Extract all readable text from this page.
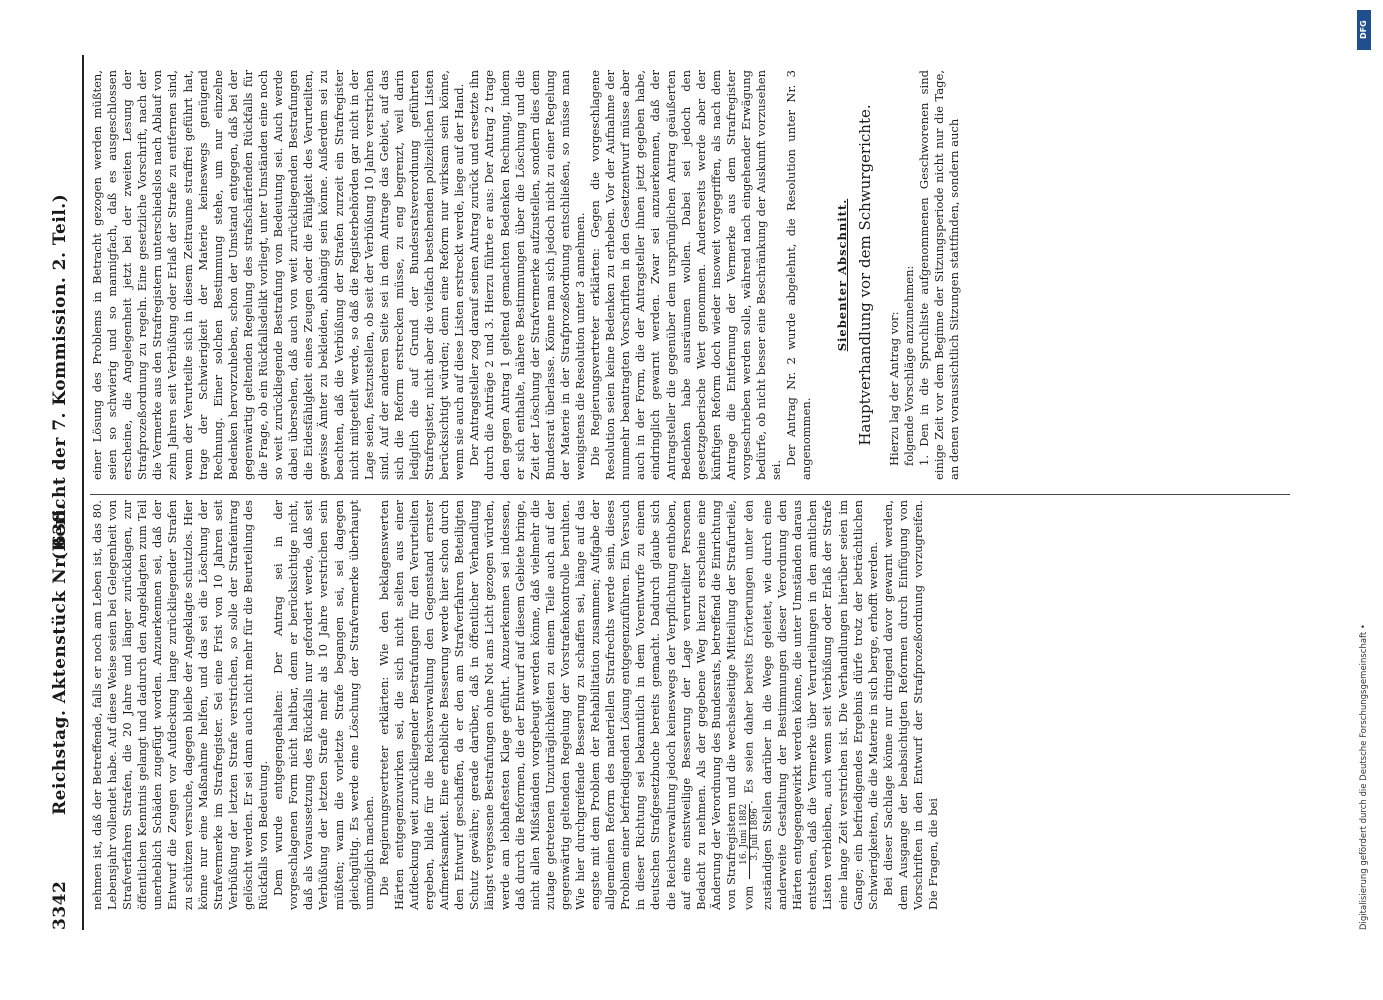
3342
Reichstag. Aktenstück Nr. 638.
(Bericht der 7. Kommission. 2. Teil.)

nehmen ist, daß der Betreffende, falls er noch am Leben ist, das 80. Lebensjahr vollendet habe. Auf diese Weise seien bei Gelegenheit von Strafverfahren Strafen, die 20 Jahre und länger zurücklagen, zur öffentlichen Kenntnis gelangt und dadurch den Angeklagten zum Teil unerheblich Schäden zugefügt worden. Anzuerkennen sei, daß der Entwurf die Zeugen vor Aufdeckung lange zurückliegender Strafen zu schützen versuche, dagegen bleibe der Angeklagte schutzlos. Hier könne nur eine Maßnahme helfen, und das sei die Löschung der Strafvermerke im Strafregister. Sei eine Frist von 10 Jahren seit Verbüßung der letzten Strafe verstrichen, so solle der Strafeintrag gelöscht werden. Er sei dann auch nicht mehr für die Beurteilung des Rückfalls von Bedeutung. Dem wurde entgegengehalten: Der Antrag sei in der vorgeschlagenen Form nicht haltbar, denn er berücksichtige nicht, daß als Voraussetzung des Rückfalls nur gefordert werde, daß seit Verbüßung der letzten Strafe mehr als 10 Jahre verstrichen sein müßten; wann die vorletzte Strafe begangen sei, sei dagegen gleichgültig. Es werde eine Löschung der Strafvermerke überhaupt unmöglich machen. Die Regierungsvertreter erklärten: Wie den beklagenswerten Härten entgegenzuwirken sei, die sich nicht selten aus einer Aufdeckung weit zurückliegender Bestrafungen für den Verurteilten ergeben, bilde für die Reichsverwaltung den Gegenstand ernster Aufmerksamkeit. Eine erhebliche Besserung werde hier schon durch den Entwurf geschaffen, da er den am Strafverfahren Beteiligten Schutz gewähre; gerade darüber, daß in öffentlicher Verhandlung längst vergessene Bestrafungen ohne Not ans Licht gezogen würden, werde am lebhaftesten Klage geführt. Anzuerkennen sei indessen, daß durch die Reformen, die der Entwurf auf diesem Gebiete bringe, nicht allen Mißständen vorgebeugt werden könne, daß vielmehr die zutage getretenen Unzuträglichkeiten zu einem Teile auch auf der gegenwärtig geltenden Regelung der Vorstrafenkontrolle beruhten. Wie hier durchgreifende Besserung zu schaffen sei, hänge auf das engste mit dem Problem der Rehabilitation zusammen; Aufgabe der allgemeinen Reform des materiellen Strafrechts werde sein, dieses Problem einer befriedigenden Lösung entgegenzuführen. Ein Versuch in dieser Richtung sei bekanntlich in dem Vorentwurfe zu einem deutschen Strafgesetzbuche bereits gemacht. Dadurch glaube sich die Reichsverwaltung jedoch keineswegs der Verpflichtung enthoben, auf eine einstweilige Besserung der Lage verurteilter Personen Bedacht zu nehmen. Als der gegebene Weg hierzu erscheine eine Änderung der Verordnung des Bundesrats, betreffend die Einrichtung von Strafregistern und die wechselseitige Mitteilung der Strafurteile, vom
16. Juni 1882 3. Juli 1896
. Es seien daher bereits Erörterungen unter den zuständigen Stellen darüber in die Wege geleitet, wie durch eine anderweite Gestaltung der Bestimmungen dieser Verordnung den Härten entgegengewirkt werden könne, die unter Umständen daraus entstehen, daß die Vermerke über Verurteilungen in den amtlichen Listen verbleiben, auch wenn seit Verbüßung oder Erlaß der Strafe eine lange Zeit verstrichen ist. Die Verhandlungen hierüber seien im Gange; ein befriedigendes Ergebnis dürfe trotz der beträchtlichen Schwierigkeiten, die die Materie in sich berge, erhofft werden. Bei dieser Sachlage könne nur dringend davor gewarnt werden, dem Ausgange der beabsichtigten Reformen durch Einfügung von Vorschriften in den Entwurf der Strafprozeßordnung vorzugreifen. Die Fragen, die bei

einer Lösung des Problems in Betracht gezogen werden müßten, seien so schwierig und so mannigfach, daß es ausgeschlossen erscheine, die Angelegenheit jetzt bei der zweiten Lesung der Strafprozeßordnung zu regeln. Eine gesetzliche Vorschrift, nach der die Vermerke aus den Strafregistern unterschiedslos nach Ablauf von zehn Jahren seit Verbüßung oder Erlaß der Strafe zu entfernen sind, wenn der Verurteilte sich in diesem Zeitraume straffrei geführt hat, trage der Schwierigkeit der Materie keineswegs genügend Rechnung. Einer solchen Bestimmung stehe, um nur einzelne Bedenken hervorzuheben, schon der Umstand entgegen, daß bei der gegenwärtig geltenden Regelung des strafschärfenden Rückfalls für die Frage, ob ein Rückfallsdelikt vorliegt, unter Umständen eine noch so weit zurückliegende Bestrafung von Bedeutung sei. Auch werde dabei übersehen, daß auch von weit zurückliegenden Bestrafungen die Eidesfähigkeit eines Zeugen oder die Fähigkeit des Verurteilten, gewisse Ämter zu bekleiden, abhängig sein könne. Außerdem sei zu beachten, daß die Verbüßung der Strafen zurzeit ein Strafregister nicht mitgeteilt werde, so daß die Registerbehörden gar nicht in der Lage seien, festzustellen, ob seit der Verbüßung 10 Jahre verstrichen sind. Auf der anderen Seite sei in dem Antrage das Gebiet, auf das sich die Reform erstrecken müsse, zu eng begrenzt, weil darin lediglich die auf Grund der Bundesratsverordnung geführten Strafregister, nicht aber die vielfach bestehenden polizeilichen Listen berücksichtigt würden; denn eine Reform nur wirksam sein könne, wenn sie auch auf diese Listen erstreckt werde, liege auf der Hand. Der Antragsteller zog darauf seinen Antrag zurück und ersetzte ihn durch die Anträge 2 und 3. Hierzu führte er aus: Der Antrag 2 trage den gegen Antrag 1 geltend gemachten Bedenken Rechnung, indem er sich enthalte, nähere Bestimmungen über die Löschung und die Zeit der Löschung der Strafvermerke aufzustellen, sondern dies dem Bundesrat überlasse. Könne man sich jedoch nicht zu einer Regelung der Materie in der Strafprozeßordnung entschließen, so müsse man wenigstens die Resolution unter 3 annehmen. Die Regierungsvertreter erklärten: Gegen die vorgeschlagene Resolution seien keine Bedenken zu erheben. Vor der Aufnahme der nunmehr beantragten Vorschriften in den Gesetzentwurf müsse aber auch in der Form, die der Antragsteller ihnen jetzt gegeben habe, eindringlich gewarnt werden. Zwar sei anzuerkennen, daß der Antragsteller die gegenüber dem ursprünglichen Antrag geäußerten Bedenken habe ausräumen wollen. Dabei sei jedoch den gesetzgeberische Wert genommen. Andererseits werde aber der künftigen Reform doch wieder insoweit vorgegriffen, als nach dem Antrage die Entfernung der Vermerke aus dem Strafregister vorgeschrieben werden solle, während nach eingehender Erwägung bedürfe, ob nicht besser eine Beschränkung der Auskunft vorzusehen sei.

Der Antrag Nr. 2 wurde abgelehnt, die Resolution unter Nr. 3 angenommen.

Siebenter Abschnitt. Hauptverhandlung vor dem Schwurgerichte. Hierzu lag der Antrag vor: folgende Vorschläge anzunehmen: 1. Den in die Spruchliste aufgenommenen Geschworenen sind einige Zeit vor dem Beginne der Sitzungsperiode nicht nur die Tage, an denen voraussichtlich Sitzungen stattfinden, sondern auch

DFG
Digitalisierung gefördert durch die Deutsche Forschungsgemeinschaft •
